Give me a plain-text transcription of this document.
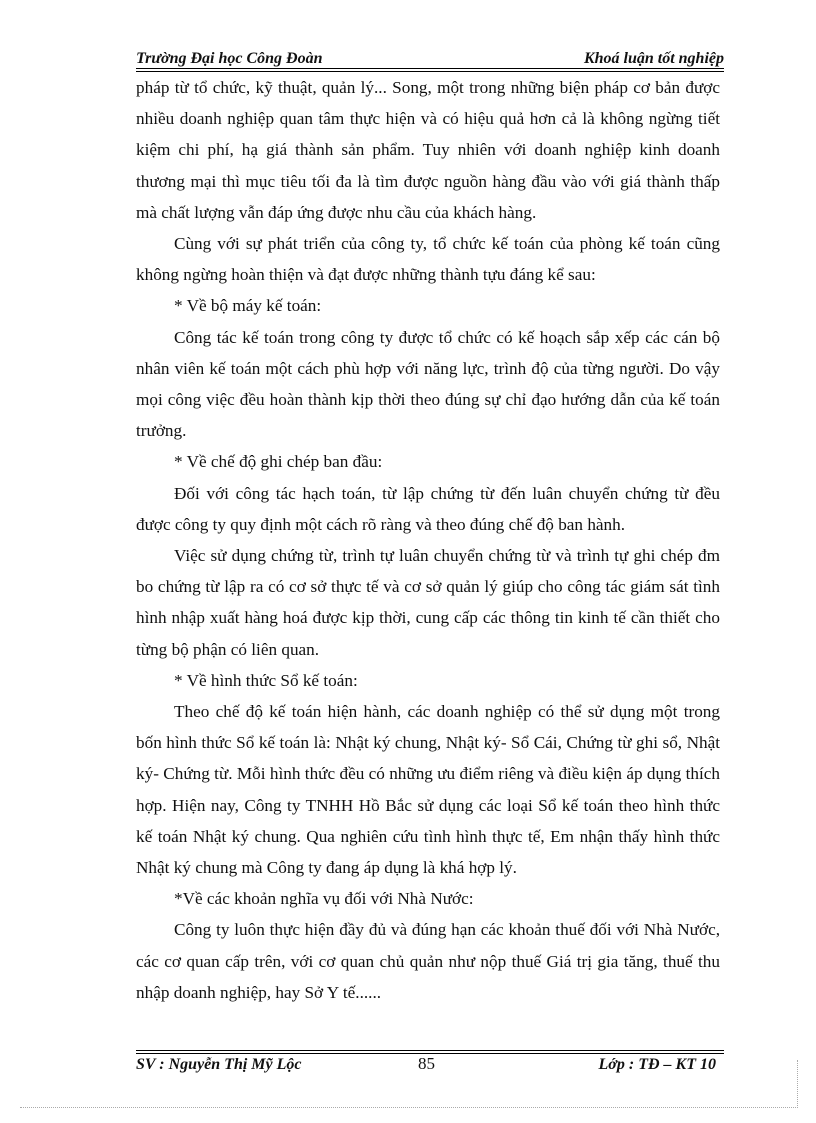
Trường Đại học Công Đoàn	Khoá luận tốt nghiệp

pháp từ tổ chức, kỹ thuật, quản lý... Song, một trong những biện pháp cơ bản được nhiều doanh nghiệp quan tâm thực hiện và có hiệu quả hơn cả là không ngừng tiết kiệm chi phí, hạ giá thành sản phẩm. Tuy nhiên với doanh nghiệp kinh doanh thương mại thì mục tiêu tối đa là tìm được nguồn hàng đầu vào với giá thành thấp mà chất lượng vẫn đáp ứng được nhu cầu của khách hàng.

Cùng với sự phát triển của công ty, tổ chức kế toán của phòng kế toán cũng không ngừng hoàn thiện và đạt được những thành tựu đáng kể sau:

* Về bộ máy kế toán:

Công tác kế toán trong công ty được tổ chức có kế hoạch sắp xếp các cán bộ nhân viên kế toán một cách phù hợp với năng lực, trình độ của từng người. Do vậy mọi công việc đều hoàn thành kịp thời theo đúng sự chỉ đạo hướng dẫn của kế toán trưởng.

* Về chế độ ghi chép ban đầu:

Đối với công tác hạch toán, từ lập chứng từ đến luân chuyển chứng từ đều được công ty quy định một cách rõ ràng và theo đúng chế độ ban hành.

Việc sử dụng chứng từ, trình tự luân chuyển chứng từ và trình tự ghi chép đm bo chứng từ lập ra có cơ sở thực tế và cơ sở quản lý giúp cho công tác giám sát tình hình nhập xuất hàng hoá được kịp thời, cung cấp các thông tin kinh tế cần thiết cho từng bộ phận có liên quan.

* Về hình thức Sổ kế toán:

Theo chế độ kế toán hiện hành, các doanh nghiệp có thể sử dụng một trong bốn hình thức Sổ kế toán là: Nhật ký chung, Nhật ký- Sổ Cái, Chứng từ ghi sổ, Nhật ký- Chứng từ. Mỗi hình thức đều có những ưu điểm riêng và điều kiện áp dụng thích hợp. Hiện nay, Công ty TNHH Hồ Bắc sử dụng các loại Sổ kế toán theo hình thức kế toán Nhật ký chung. Qua nghiên cứu tình hình thực tế, Em nhận thấy hình thức Nhật ký chung mà Công ty đang áp dụng là khá hợp lý.

*Về các khoản nghĩa vụ đối với Nhà Nước:

Công ty luôn thực hiện đầy đủ và đúng hạn các khoản thuế đối với Nhà Nước, các cơ quan cấp trên, với cơ quan chủ quản như nộp thuế Giá trị gia tăng, thuế thu nhập doanh nghiệp, hay Sở Y tế......

SV : Nguyễn Thị Mỹ Lộc	85	Lớp : TĐ – KT 10
